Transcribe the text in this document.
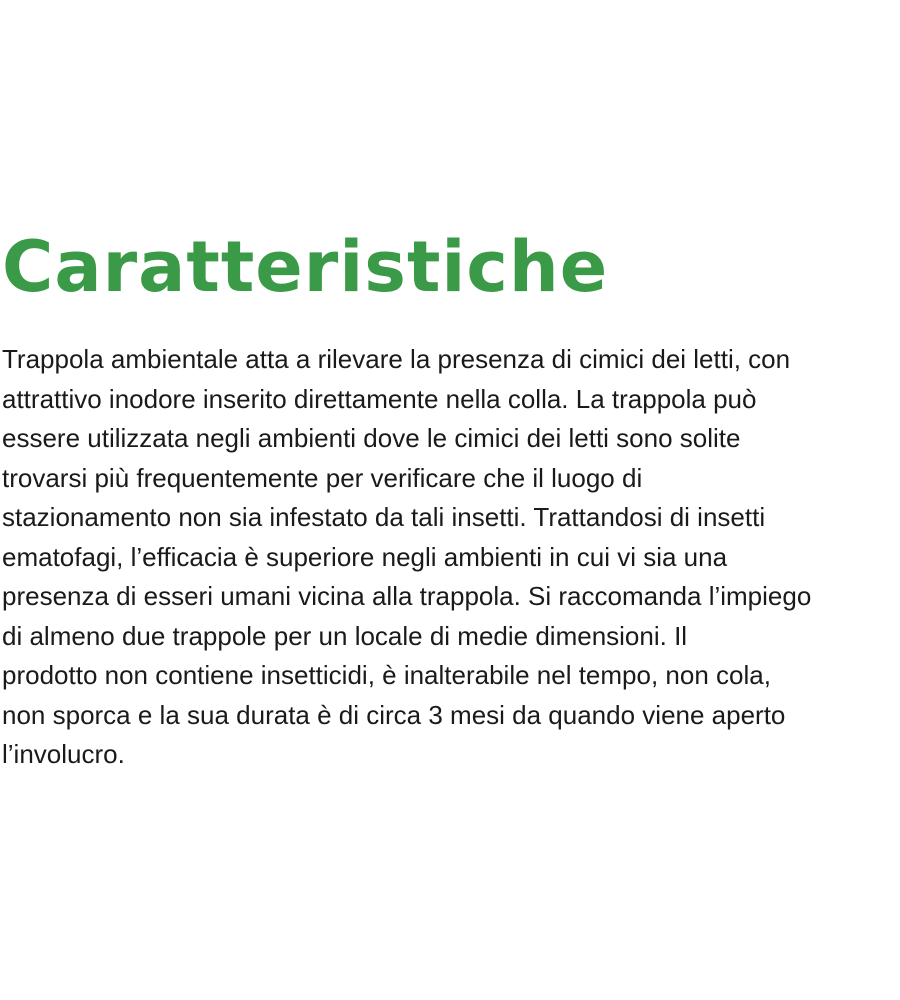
Caratteristiche

Trappola ambientale atta a rilevare la presenza di cimici dei letti, con
attrattivo inodore inserito direttamente nella colla. La trappola può
essere utilizzata negli ambienti dove le cimici dei letti sono solite
trovarsi più frequentemente per verificare che il luogo di
stazionamento non sia infestato da tali insetti. Trattandosi di insetti
ematofagi, l’efficacia è superiore negli ambienti in cui vi sia una
presenza di esseri umani vicina alla trappola. Si raccomanda l’impiego
di almeno due trappole per un locale di medie dimensioni. Il
prodotto non contiene insetticidi, è inalterabile nel tempo, non cola,
non sporca e la sua durata è di circa 3 mesi da quando viene aperto
l’involucro.
